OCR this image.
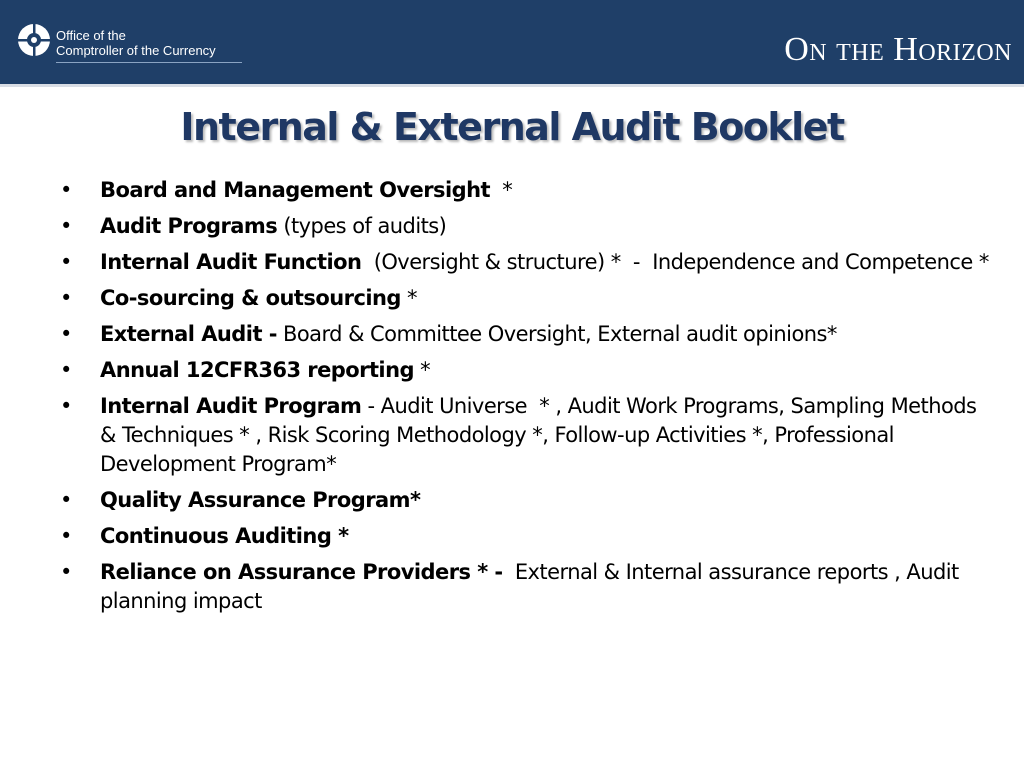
Office of the
Comptroller of the Currency	On the Horizon
Internal & External Audit Booklet
•	Board and Management Oversight  *
•	Audit Programs (types of audits)
•	Internal Audit Function  (Oversight & structure) *  -  Independence and Competence *
•	Co-sourcing & outsourcing *
•	External Audit - Board & Committee Oversight, External audit opinions*
•	Annual 12CFR363 reporting *
•	Internal Audit Program - Audit Universe  * , Audit Work Programs, Sampling Methods & Techniques * , Risk Scoring Methodology *, Follow-up Activities *, Professional Development Program*
•	Quality Assurance Program*
•	Continuous Auditing *
•	Reliance on Assurance Providers * -  External & Internal assurance reports , Audit planning impact
